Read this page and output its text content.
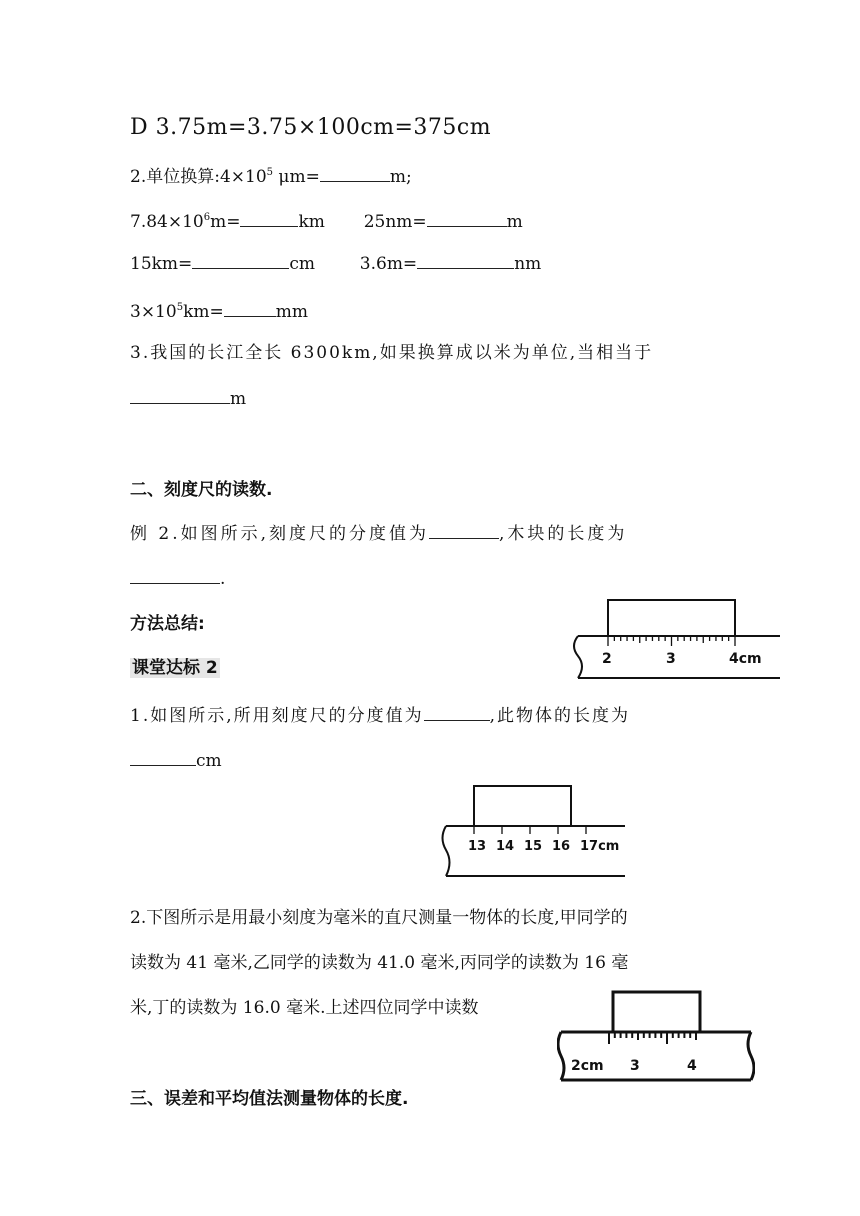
D 3.75m=3.75×100cm=375cm
2.单位换算$:4\times 10^5$ μm=	m;
$7.84\times 10^6m=$	km 25nm=	m
15km=	cm	3.6m=	nm
$3\times 10^5km=$	mm
3.我国的长江全长 6300km,如果换算成以米为单位,当相当于
m
二、刻度尺的读数.
例 2.如图所示,刻度尺的分度值为	,木块的长度为
.
方法总结:
课堂达标 2
1.如图所示,所用刻度尺的分度值为	,此物体的长度为
cm
2.下图所示是用最小刻度为毫米的直尺测量一物体的长度,甲同学的
读数为 41 毫米,乙同学的读数为 41.0 毫米,丙同学的读数为 16 毫
米,丁的读数为 16.0 毫米.上述四位同学中读数
三、误差和平均值法测量物体的长度.
2	3	4cm
13 14 15 16 17cm
2cm 3	4
